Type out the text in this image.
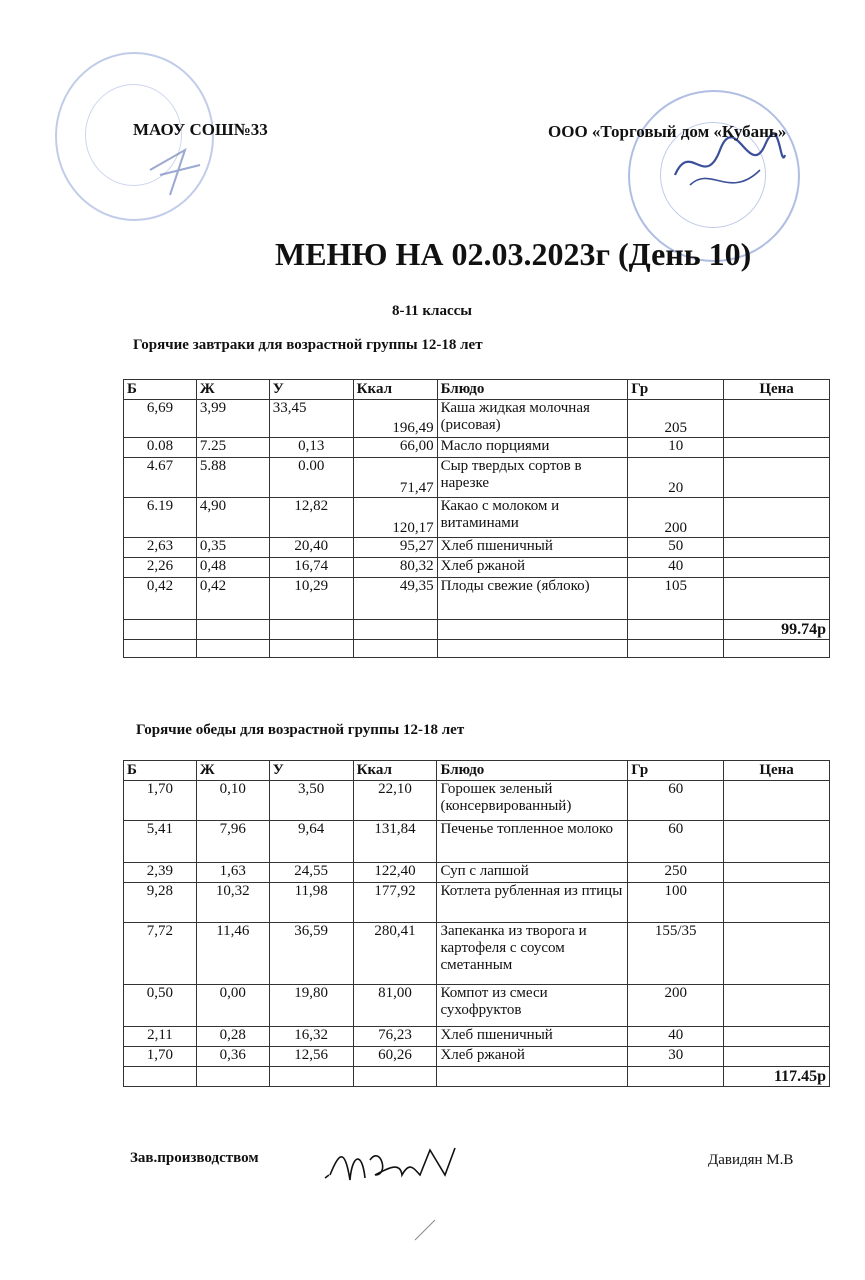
МАОУ СОШ№33	ООО «Торговый дом «Кубань»
МЕНЮ НА 02.03.2023г (День 10)
8-11 классы
Горячие завтраки для возрастной группы 12-18 лет
Б	Ж	У	Ккал	Блюдо	Гр	Цена
6,69	3,99	33,45	196,49	Каша жидкая молочная (рисовая)	205	
0.08	7.25	0,13	66,00	Масло порциями	10	
4.67	5.88	0.00	71,47	Сыр твердых сортов в нарезке	20	
6.19	4,90	12,82	120,17	Какао с молоком и витаминами	200	
2,63	0,35	20,40	95,27	Хлеб пшеничный	50	
2,26	0,48	16,74	80,32	Хлеб ржаной	40	
0,42	0,42	10,29	49,35	Плоды свежие (яблоко)	105	
						99.74р

Горячие обеды для возрастной группы 12-18 лет
Б	Ж	У	Ккал	Блюдо	Гр	Цена
1,70	0,10	3,50	22,10	Горошек зеленый (консервированный)	60	
5,41	7,96	9,64	131,84	Печенье топленное молоко	60	
2,39	1,63	24,55	122,40	Суп с лапшой	250	
9,28	10,32	11,98	177,92	Котлета рубленная из птицы	100	
7,72	11,46	36,59	280,41	Запеканка из творога и картофеля с соусом сметанным	155/35	
0,50	0,00	19,80	81,00	Компот из смеси сухофруктов	200	
2,11	0,28	16,32	76,23	Хлеб пшеничный	40	
1,70	0,36	12,56	60,26	Хлеб ржаной	30	
						117.45р
Зав.производством	Давидян М.В
